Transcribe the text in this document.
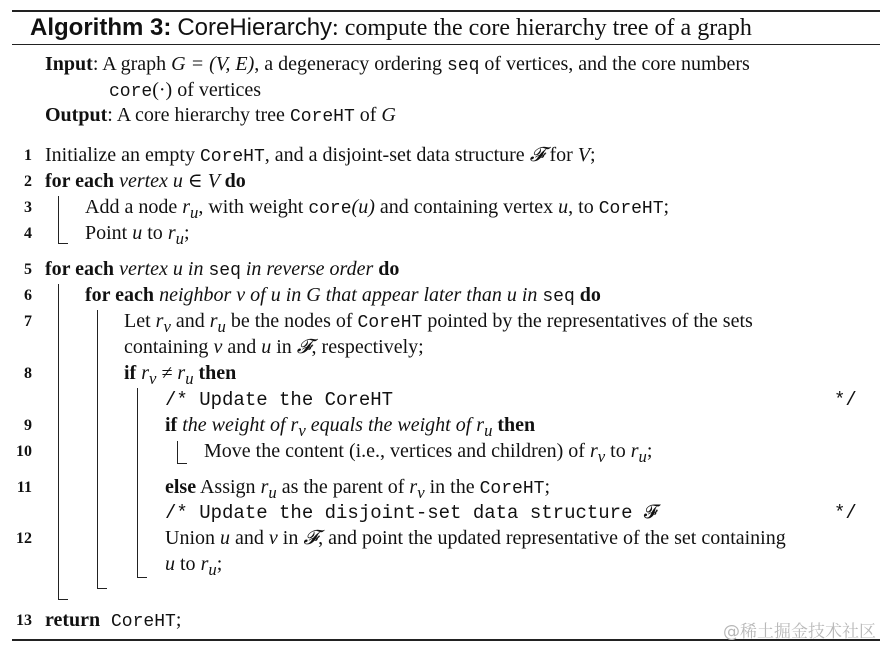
Algorithm 3: CoreHierarchy: compute the core hierarchy tree of a graph
Input: A graph G = (V, E), a degeneracy ordering seq of vertices, and the core numbers
core(·) of vertices
Output: A core hierarchy tree CoreHT of G
1
2
3
4
5
6
7
8
9
10
11
12
13
Initialize an empty CoreHT, and a disjoint-set data structure 𝓕 for V;
for each vertex u ∈ V do
Add a node $r_u$, with weight core(u) and containing vertex u, to CoreHT;
Point u to $r_u$;
for each vertex u in seq in reverse order do
for each neighbor v of u in G that appear later than u in seq do
Let $r_v$ and $r_u$ be the nodes of CoreHT pointed by the representatives of the sets
containing v and u in 𝓕, respectively;
if $r_v \ne r_u$ then
/* Update the CoreHT	*/
if the weight of $r_v$ equals the weight of $r_u$ then
Move the content (i.e., vertices and children) of $r_v$ to $r_u$;
else Assign $r_u$ as the parent of $r_v$ in the CoreHT;
/* Update the disjoint-set data structure 𝓕	*/
Union u and v in 𝓕, and point the updated representative of the set containing
u to $r_u$;
return CoreHT;
@稀土掘金技术社区
